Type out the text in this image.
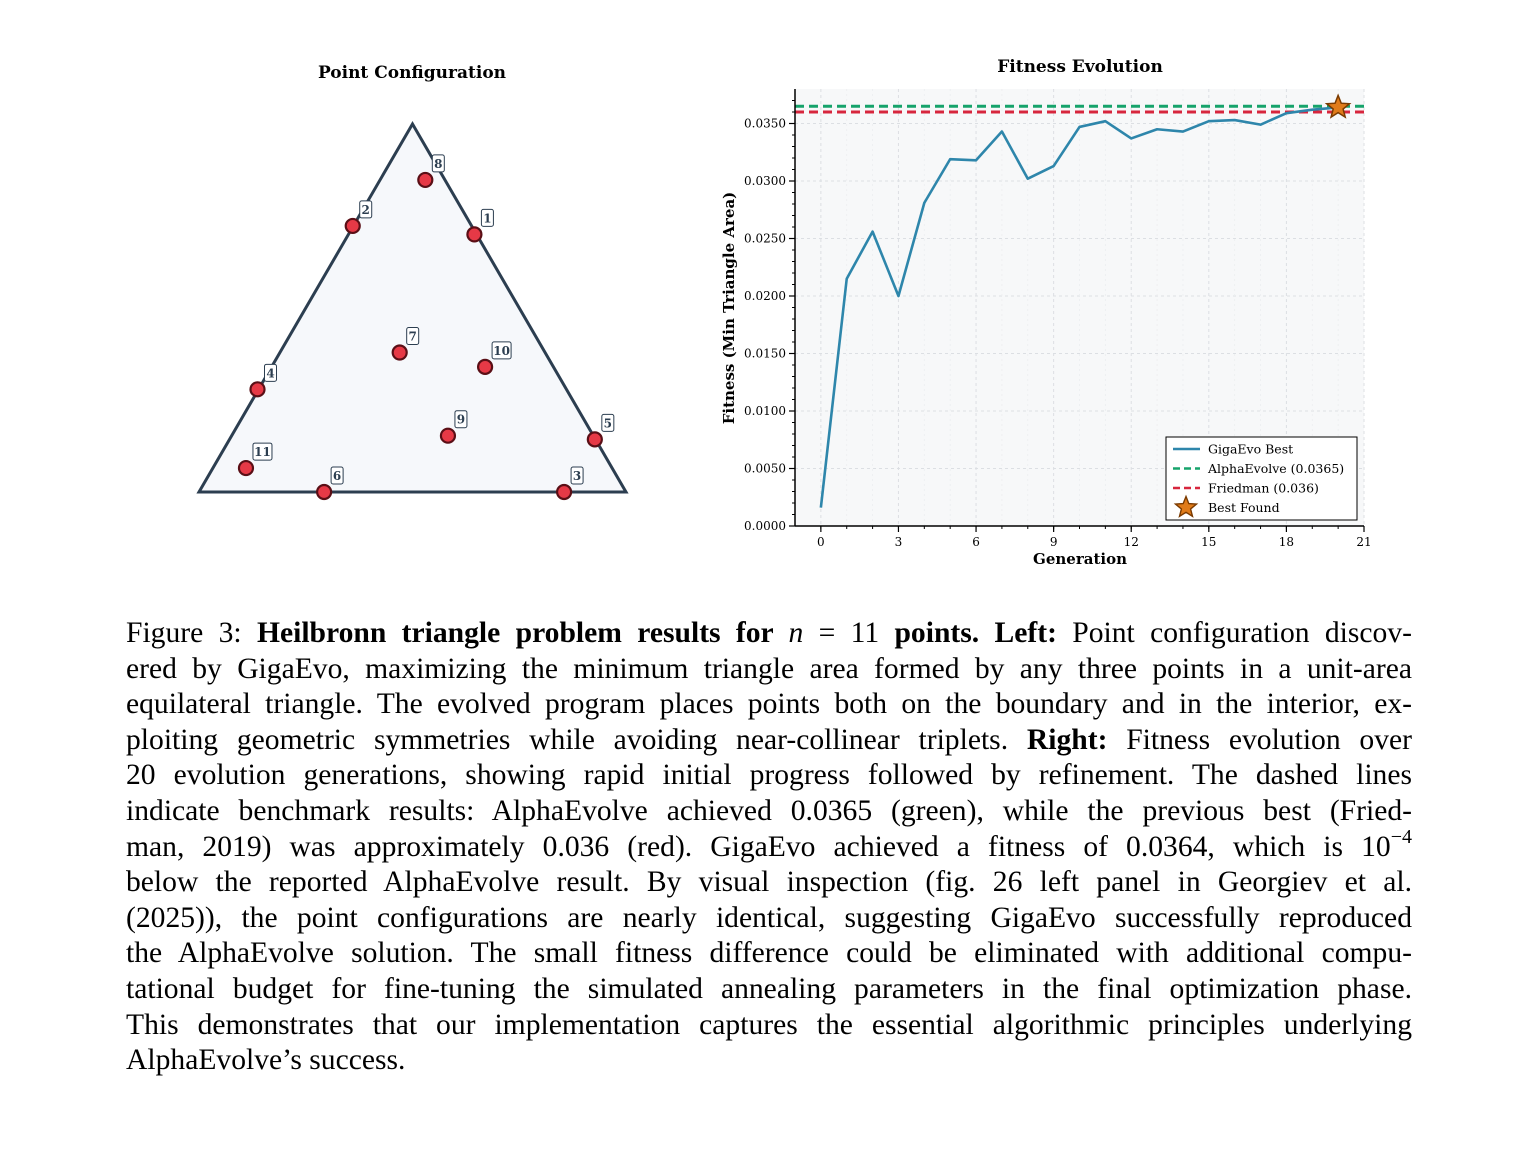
Point Configuration
1
2
3
4
5
6
7
8
9
10
11
Fitness Evolution
0	3	6	9	12	15	18	21
0.0000
0.0050
0.0100
0.0150
0.0200
0.0250
0.0300
0.0350
Generation
Fitness (Min Triangle Area)
GigaEvo Best
AlphaEvolve (0.0365)
Friedman (0.036)
Best Found
Figure 3: Heilbronn triangle problem results for n = 11 points. Left: Point configuration discov-
ered by GigaEvo, maximizing the minimum triangle area formed by any three points in a unit-area
equilateral triangle. The evolved program places points both on the boundary and in the interior, ex-
ploiting geometric symmetries while avoiding near-collinear triplets. Right: Fitness evolution over
20 evolution generations, showing rapid initial progress followed by refinement. The dashed lines
indicate benchmark results: AlphaEvolve achieved 0.0365 (green), while the previous best (Fried-
man, 2019) was approximately 0.036 (red). GigaEvo achieved a fitness of 0.0364, which is $10^{-4}$
below the reported AlphaEvolve result. By visual inspection (fig. 26 left panel in Georgiev et al.
(2025)), the point configurations are nearly identical, suggesting GigaEvo successfully reproduced
the AlphaEvolve solution. The small fitness difference could be eliminated with additional compu-
tational budget for fine-tuning the simulated annealing parameters in the final optimization phase.
This demonstrates that our implementation captures the essential algorithmic principles underlying
AlphaEvolve’s success.
